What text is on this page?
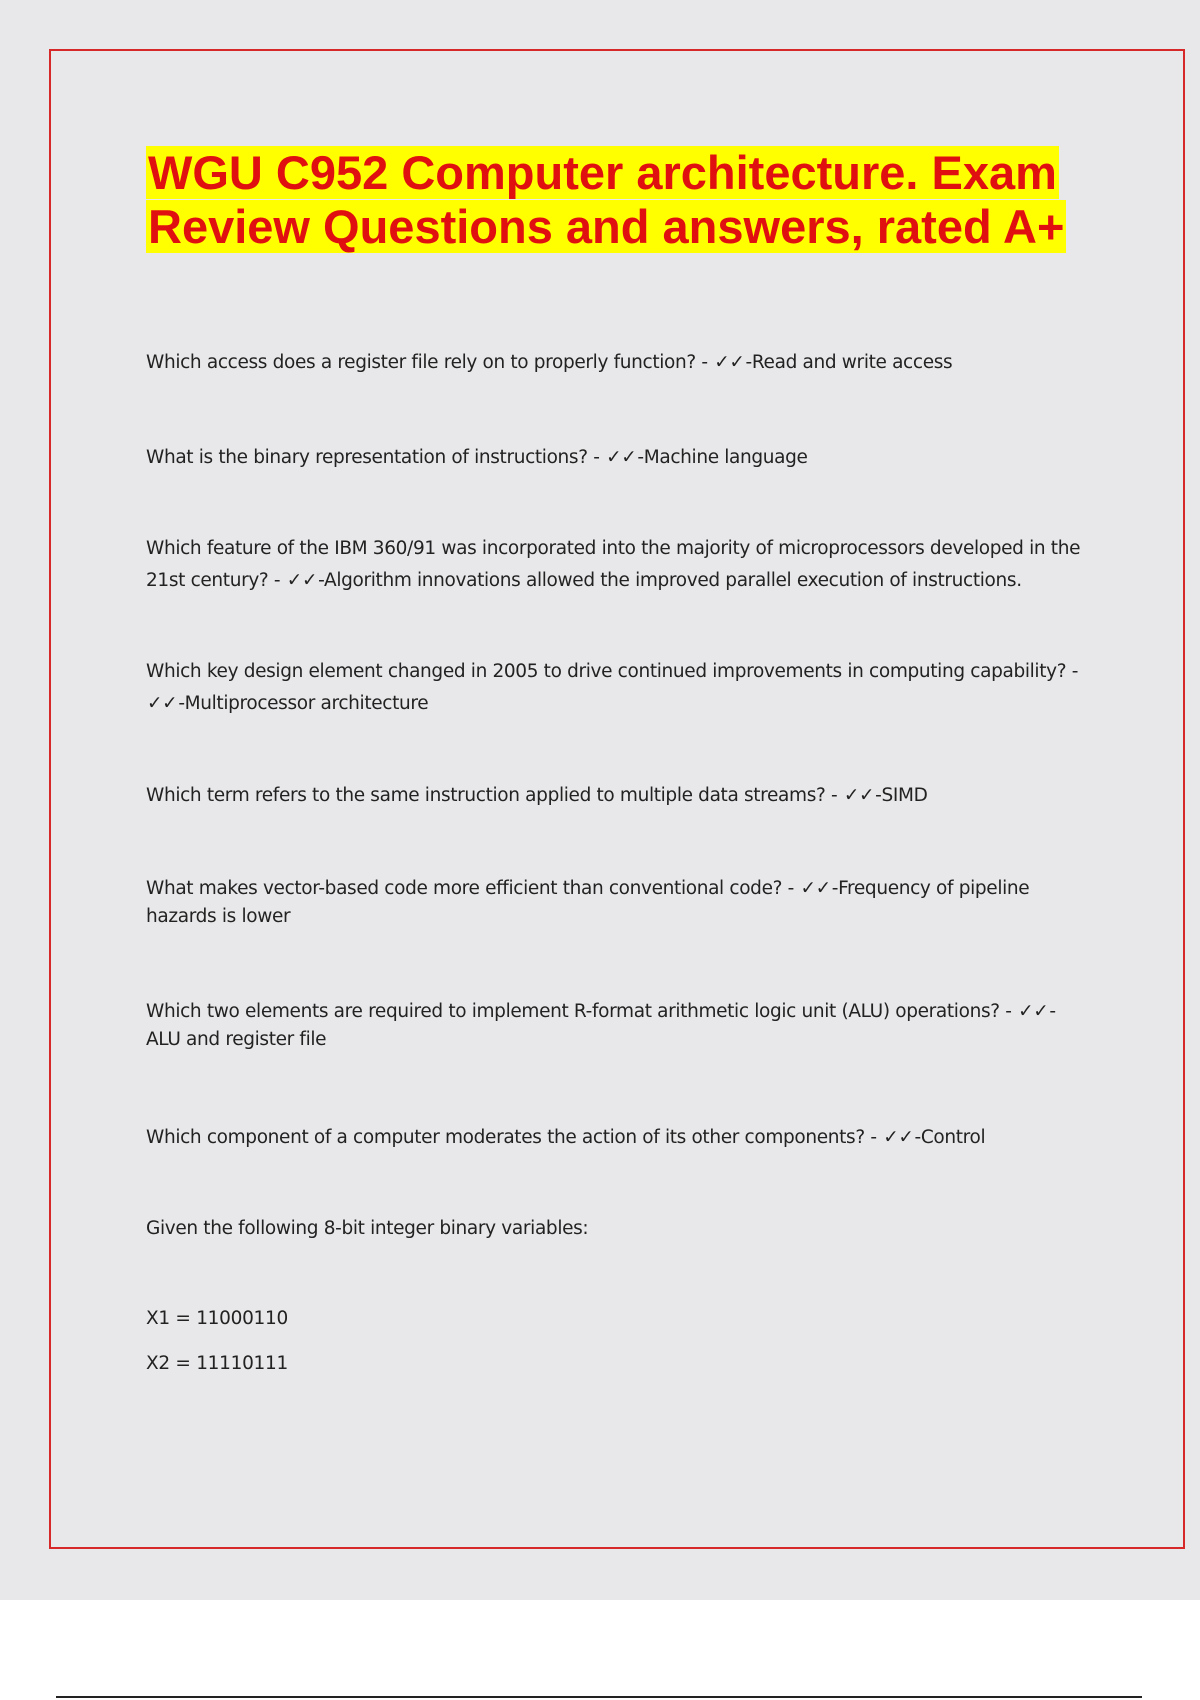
WGU C952 Computer architecture. Exam Review Questions and answers, rated A+
Which access does a register file rely on to properly function? - ✓✓-Read and write access
What is the binary representation of instructions? - ✓✓-Machine language
Which feature of the IBM 360/91 was incorporated into the majority of microprocessors developed in the 21st century? - ✓✓-Algorithm innovations allowed the improved parallel execution of instructions.
Which key design element changed in 2005 to drive continued improvements in computing capability? - ✓✓-Multiprocessor architecture
Which term refers to the same instruction applied to multiple data streams? - ✓✓-SIMD
What makes vector-based code more efficient than conventional code? - ✓✓-Frequency of pipeline hazards is lower
Which two elements are required to implement R-format arithmetic logic unit (ALU) operations? - ✓✓-ALU and register file
Which component of a computer moderates the action of its other components? - ✓✓-Control
Given the following 8-bit integer binary variables:
X1 = 11000110
X2 = 11110111
